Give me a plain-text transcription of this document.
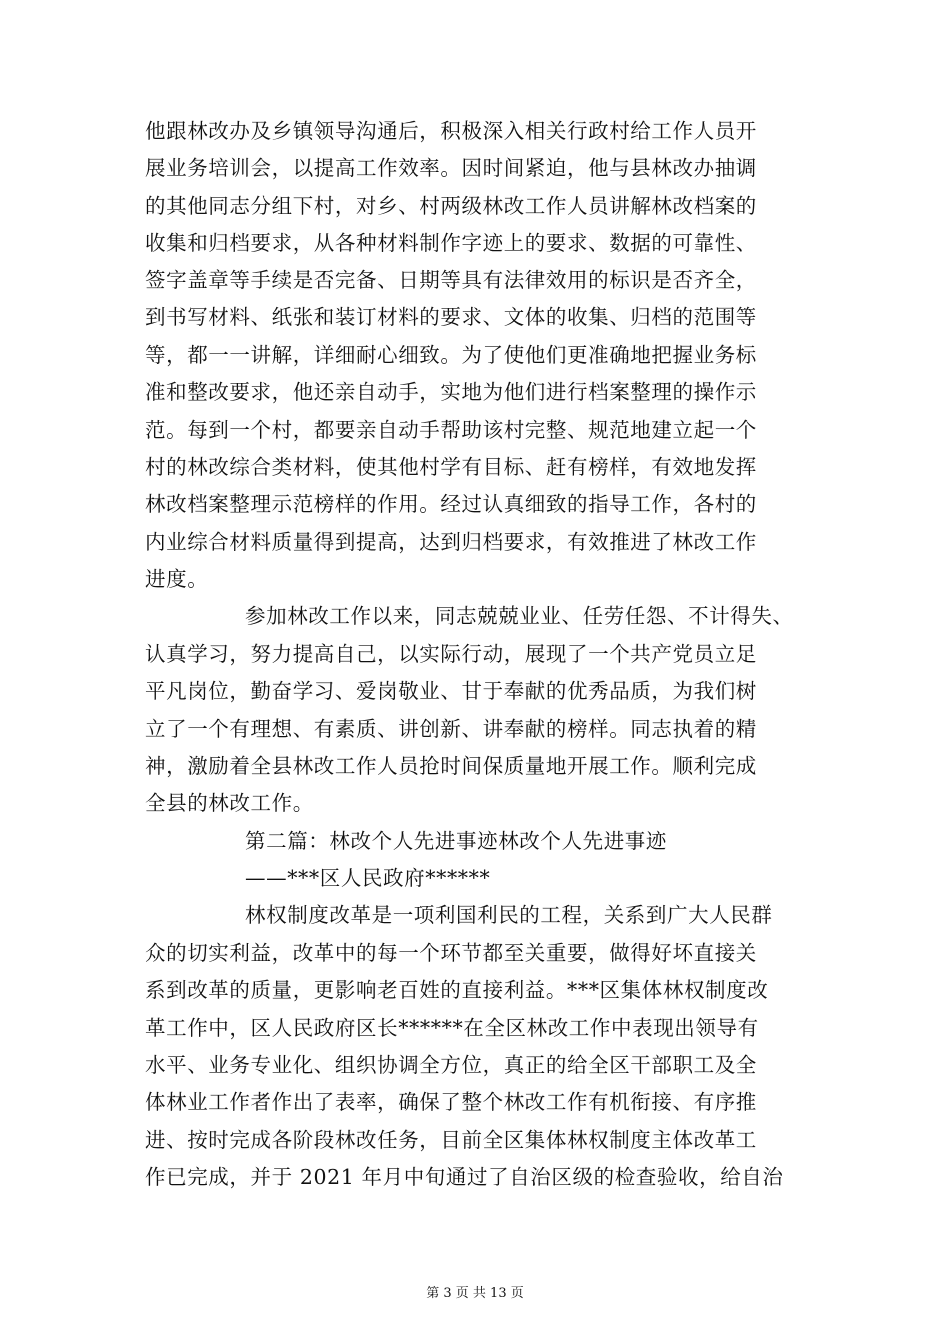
他跟林改办及乡镇领导沟通后，积极深入相关行政村给工作人员开
展业务培训会，以提高工作效率。因时间紧迫，他与县林改办抽调
的其他同志分组下村，对乡、村两级林改工作人员讲解林改档案的
收集和归档要求，从各种材料制作字迹上的要求、数据的可靠性、
签字盖章等手续是否完备、日期等具有法律效用的标识是否齐全，
到书写材料、纸张和装订材料的要求、文体的收集、归档的范围等
等，都一一讲解，详细耐心细致。为了使他们更准确地把握业务标
准和整改要求，他还亲自动手，实地为他们进行档案整理的操作示
范。每到一个村，都要亲自动手帮助该村完整、规范地建立起一个
村的林改综合类材料，使其他村学有目标、赶有榜样，有效地发挥
林改档案整理示范榜样的作用。经过认真细致的指导工作，各村的
内业综合材料质量得到提高，达到归档要求，有效推进了林改工作
进度。
参加林改工作以来，同志兢兢业业、任劳任怨、不计得失、
认真学习，努力提高自己，以实际行动，展现了一个共产党员立足
平凡岗位，勤奋学习、爱岗敬业、甘于奉献的优秀品质，为我们树
立了一个有理想、有素质、讲创新、讲奉献的榜样。同志执着的精
神，激励着全县林改工作人员抢时间保质量地开展工作。顺利完成
全县的林改工作。
第二篇：林改个人先进事迹林改个人先进事迹
——***区人民政府******
林权制度改革是一项利国利民的工程，关系到广大人民群
众的切实利益，改革中的每一个环节都至关重要，做得好坏直接关
系到改革的质量，更影响老百姓的直接利益。***区集体林权制度改
革工作中，区人民政府区长******在全区林改工作中表现出领导有
水平、业务专业化、组织协调全方位，真正的给全区干部职工及全
体林业工作者作出了表率，确保了整个林改工作有机衔接、有序推
进、按时完成各阶段林改任务，目前全区集体林权制度主体改革工
作已完成，并于 2021 年月中旬通过了自治区级的检查验收，给自治
第 3 页 共 13 页
